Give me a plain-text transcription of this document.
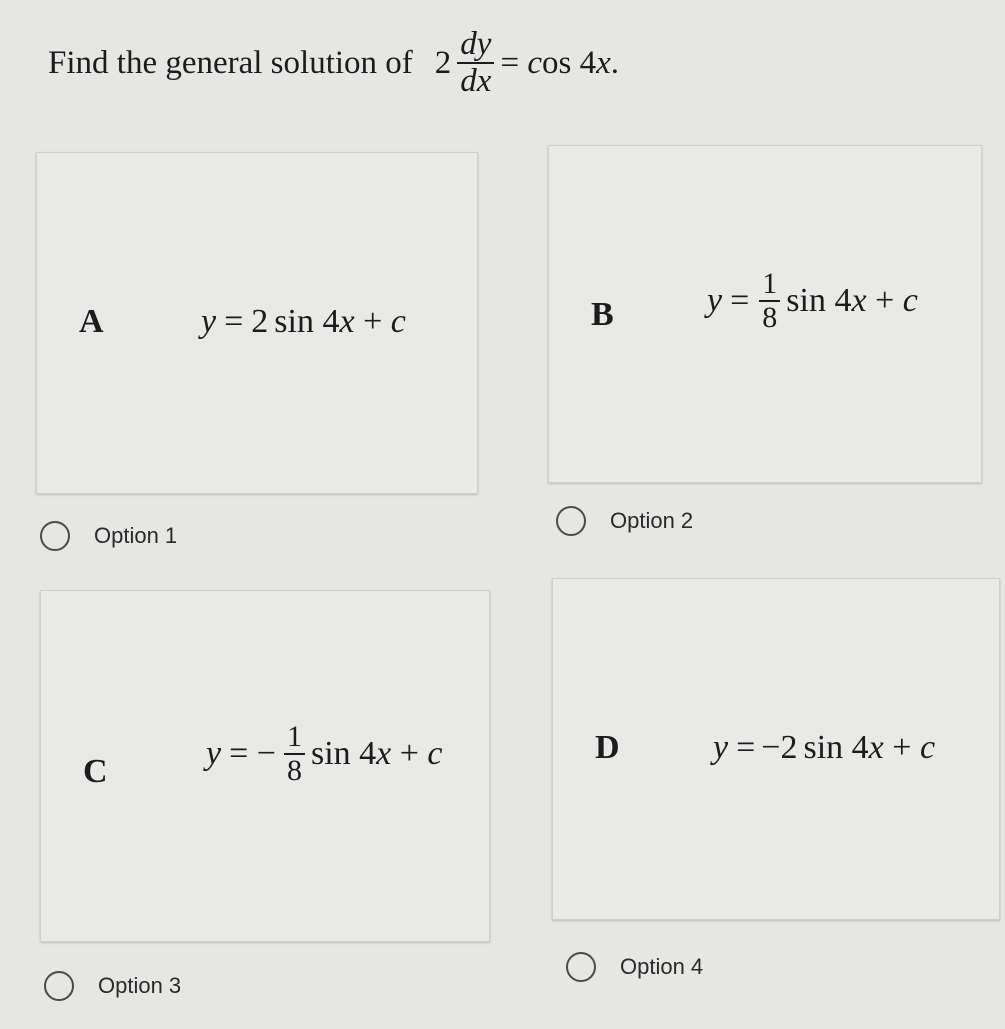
Find the general solution of $2 \frac{dy}{dx} = \cos 4x$.
A	y = 2 sin 4x + c	B	$y = \frac{1}{8}$ sin 4x + c
Option 1
Option 2
C	y = − $\frac{1}{8}$ sin 4x + c	D	y = −2 sin 4x + c
Option 3
Option 4
